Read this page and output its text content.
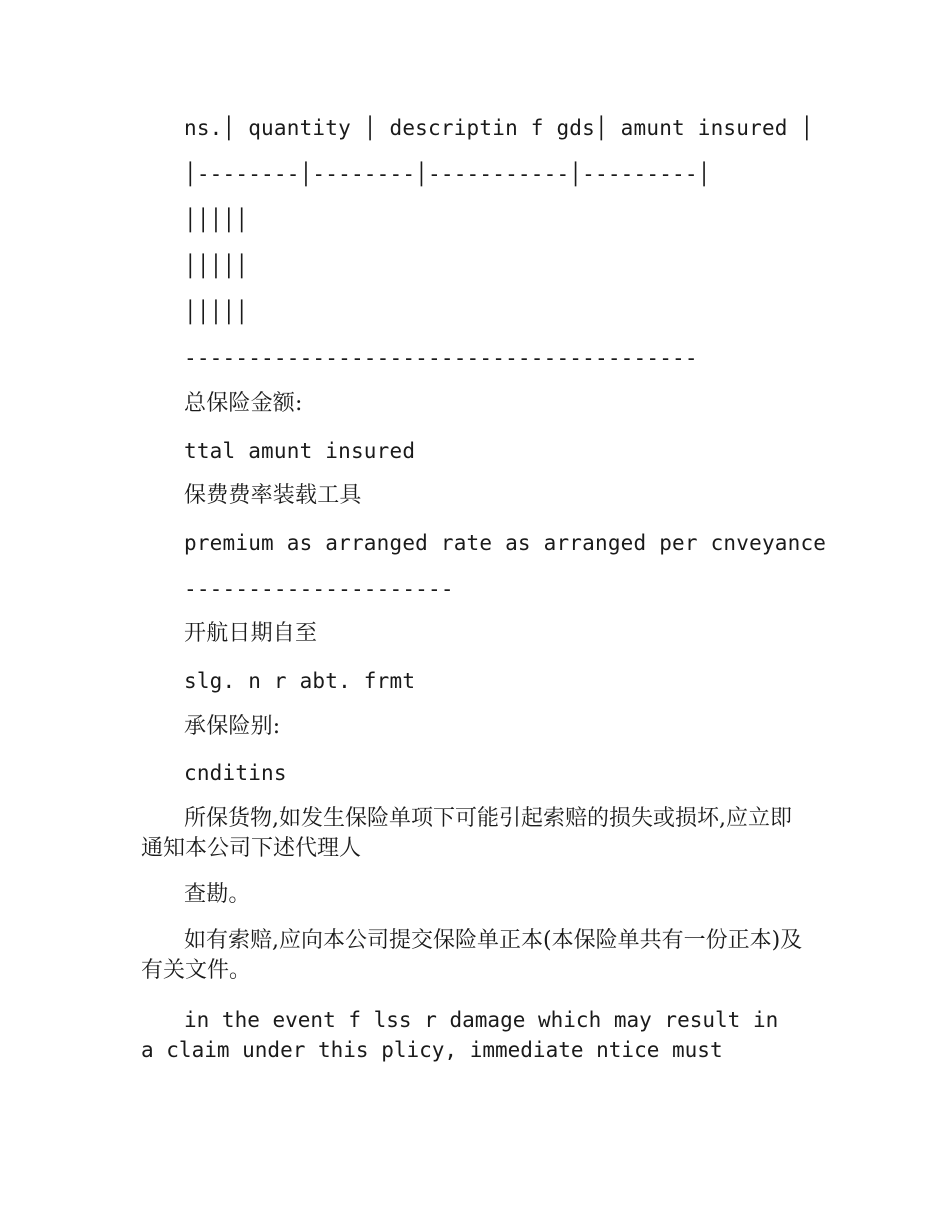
ns.│ quantity │ descriptin f gds│ amunt insured │
│--------│--------│-----------│---------│
│││││
│││││
│││││
----------------------------------------
总保险金额:
ttal amunt insured
保费费率装载工具
premium as arranged rate as arranged per cnveyance
---------------------
开航日期自至
slg. n r abt. frmt
承保险别:
cnditins
所保货物,如发生保险单项下可能引起索赔的损失或损坏,应立即通知本公司下述代理人
查勘。
如有索赔,应向本公司提交保险单正本(本保险单共有一份正本)及有关文件。
in the event f lss r damage which may result in a claim under this plicy, immediate ntice must
